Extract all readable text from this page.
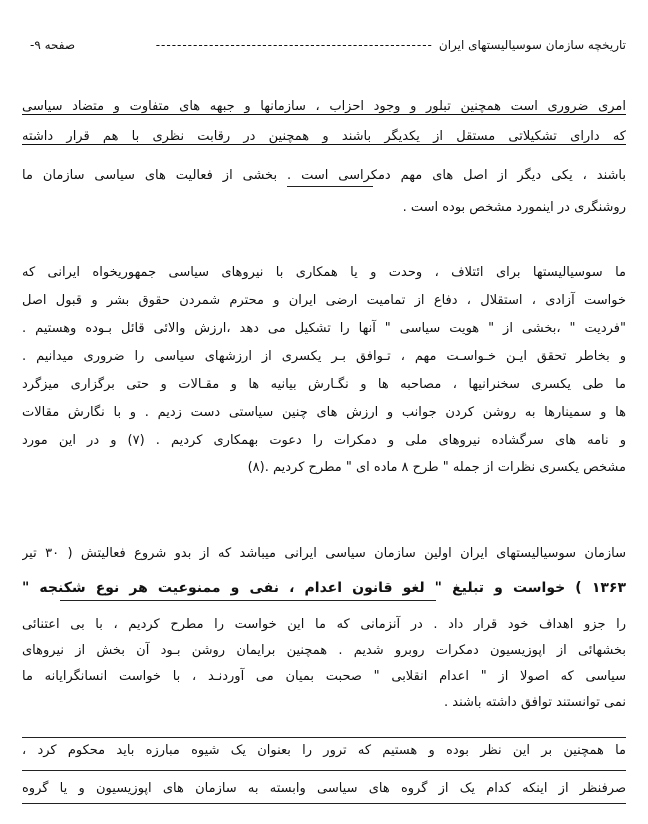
تاریخچه سازمان سوسیالیستهای ایران
----------------------------------------------------
صفحه ۹-
امری ضروری است همچنین تبلور و وجود احزاب ، سازمانها و جبهه های متفاوت و متضاد سیاسی
که دارای تشکیلاتی مستقل از یکدیگر باشند و همچنین در رقابت نظری با هم قرار داشته
باشند ، یکی دیگر از اصل های مهم دمکراسی است . بخشی از فعالیت های سیاسی سازمان ما
روشنگری در اینمورد مشخص بوده است .
ما سوسیالیستها برای ائتلاف ، وحدت و یا همکاری با نیروهای سیاسی جمهوریخواه ایرانی که
خواست آزادی ، استقلال ، دفاع از تمامیت ارضی ایران و محترم شمردن حقوق بشر و قبول اصل
"فردیت " ،بخشی از " هویت سیاسی " آنها را تشکیل می دهد ،ارزش والائی قائل بـوده وهستیم .
و بخاطر تحقق ایـن خـواسـت مهم ، تـوافق بـر یکسری از ارزشهای سیاسی را ضروری میدانیم .
ما طی یکسری سخنرانیها ، مصاحبه ها و نگـارش بیانیه ها و مقـالات و حتی برگزاری میزگرد
ها و سمینارها به روشن کردن جوانب و ارزش های چنین سیاستی دست زدیم . و با نگارش مقالات
و نامه های سرگشاده نیروهای ملی و دمکرات را دعوت بهمکاری کردیم . (۷) و در این مورد
مشخص یکسری نظرات از جمله " طرح ۸ ماده ای " مطرح کردیم .(۸)
سازمان سوسیالیستهای ایران اولین سازمان سیاسی ایرانی میباشد که از بدو شروع فعالیتش ( ۳۰ تیر
۱۳۶۳ ) خواست و تبلیغ " لغو قانون اعدام ، نفی و ممنوعیت هر نوع شکنجه "
را جزو اهداف خود قرار داد . در آنزمانی که ما این خواست را مطرح کردیم ، با بی اعتنائی
بخشهائی از اپوزیسیون دمکرات روبرو شدیم . همچنین برایمان روشن بـود آن بخش از نیروهای
سیاسی که اصولا از " اعدام انقلابی " صحبت بمیان می آوردنـد ، با خواست انسانگرایانه ما
نمی توانستند توافق داشته باشند .
ما همچنین بر این نظر بوده و هستیم که ترور را بعنوان یک شیوه مبارزه باید محکوم کرد ،
صرفنظر از اینکه کدام یک از گروه های سیاسی وابسته به سازمان های اپوزیسیون و یا گروه
